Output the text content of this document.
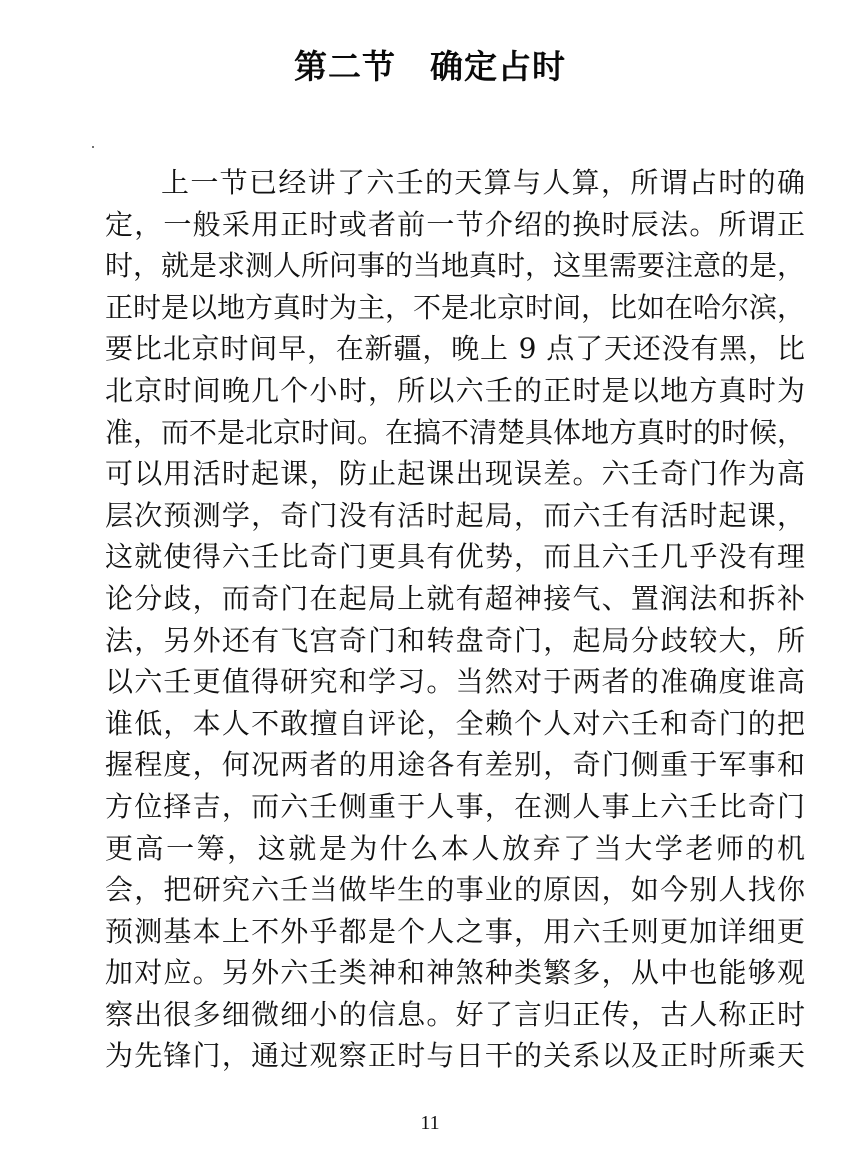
第二节　确定占时
上一节已经讲了六壬的天算与人算，所谓占时的确
定，一般采用正时或者前一节介绍的换时辰法。所谓正
时，就是求测人所问事的当地真时，这里需要注意的是，
正时是以地方真时为主，不是北京时间，比如在哈尔滨，
要比北京时间早，在新疆，晚上 9 点了天还没有黑，比
北京时间晚几个小时，所以六壬的正时是以地方真时为
准，而不是北京时间。在搞不清楚具体地方真时的时候，
可以用活时起课，防止起课出现误差。六壬奇门作为高
层次预测学，奇门没有活时起局，而六壬有活时起课，
这就使得六壬比奇门更具有优势，而且六壬几乎没有理
论分歧，而奇门在起局上就有超神接气、置润法和拆补
法，另外还有飞宫奇门和转盘奇门，起局分歧较大，所
以六壬更值得研究和学习。当然对于两者的准确度谁高
谁低，本人不敢擅自评论，全赖个人对六壬和奇门的把
握程度，何况两者的用途各有差别，奇门侧重于军事和
方位择吉，而六壬侧重于人事，在测人事上六壬比奇门
更高一筹，这就是为什么本人放弃了当大学老师的机
会，把研究六壬当做毕生的事业的原因，如今别人找你
预测基本上不外乎都是个人之事，用六壬则更加详细更
加对应。另外六壬类神和神煞种类繁多，从中也能够观
察出很多细微细小的信息。好了言归正传，古人称正时
为先锋门，通过观察正时与日干的关系以及正时所乘天
11
